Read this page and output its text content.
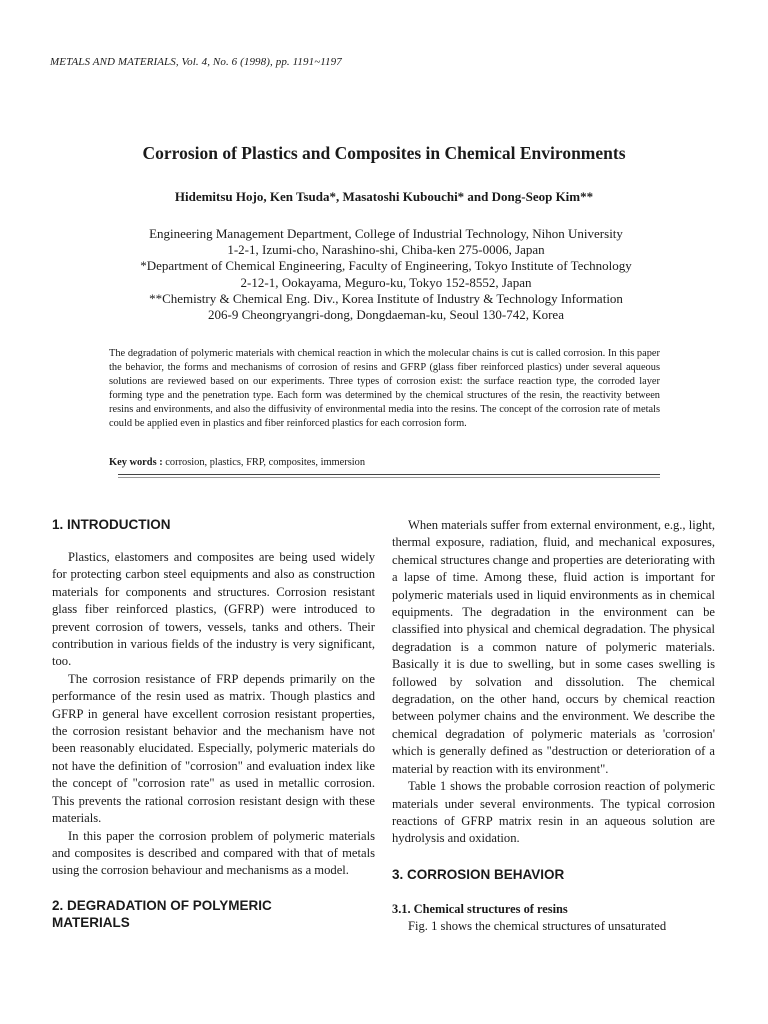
METALS AND MATERIALS, Vol. 4, No. 6 (1998), pp. 1191~1197
Corrosion of Plastics and Composites in Chemical Environments
Hidemitsu Hojo, Ken Tsuda*, Masatoshi Kubouchi* and Dong-Seop Kim**
Engineering Management Department, College of Industrial Technology, Nihon University
1-2-1, Izumi-cho, Narashino-shi, Chiba-ken 275-0006, Japan
*Department of Chemical Engineering, Faculty of Engineering, Tokyo Institute of Technology
2-12-1, Ookayama, Meguro-ku, Tokyo 152-8552, Japan
**Chemistry & Chemical Eng. Div., Korea Institute of Industry & Technology Information
206-9 Cheongryangri-dong, Dongdaeman-ku, Seoul 130-742, Korea
The degradation of polymeric materials with chemical reaction in which the molecular chains is cut is called corrosion. In this paper the behavior, the forms and mechanisms of corrosion of resins and GFRP (glass fiber reinforced plastics) under several aqueous solutions are reviewed based on our experiments. Three types of corrosion exist: the surface reaction type, the corroded layer forming type and the penetration type. Each form was determined by the chemical structures of the resin, the reactivity between resins and environments, and also the diffusivity of environmental media into the resins. The concept of the corrosion rate of metals could be applied even in plastics and fiber reinforced plastics for each corrosion form.
Key words : corrosion, plastics, FRP, composites, immersion
1. INTRODUCTION

Plastics, elastomers and composites are being used widely for protecting carbon steel equipments and also as construction materials for components and structures. Corrosion resistant glass fiber reinforced plastics, (GFRP) were introduced to prevent corrosion of towers, vessels, tanks and others. Their contribution in various fields of the industry is very significant, too.

The corrosion resistance of FRP depends primarily on the performance of the resin used as matrix. Though plastics and GFRP in general have excellent corrosion resistant properties, the corrosion resistant behavior and the mechanism have not been reasonably elucidated. Especially, polymeric materials do not have the definition of "corrosion" and evaluation index like the concept of "corrosion rate" as used in metallic corrosion. This prevents the rational corrosion resistant design with these materials.

In this paper the corrosion problem of polymeric materials and composites is described and compared with that of metals using the corrosion behaviour and mechanisms as a model.

2. DEGRADATION OF POLYMERIC
MATERIALS

When materials suffer from external environment, e.g., light, thermal exposure, radiation, fluid, and mechanical exposures, chemical structures change and properties are deteriorating with a lapse of time. Among these, fluid action is important for polymeric materials used in liquid environments as in chemical equipments. The degradation in the environment can be classified into physical and chemical degradation. The physical degradation is a common nature of polymeric materials. Basically it is due to swelling, but in some cases swelling is followed by solvation and dissolution. The chemical degradation, on the other hand, occurs by chemical reaction between polymer chains and the environment. We describe the chemical degradation of polymeric materials as 'corrosion' which is generally defined as "destruction or deterioration of a material by reaction with its environment".

Table 1 shows the probable corrosion reaction of polymeric materials under several environments. The typical corrosion reactions of GFRP matrix resin in an aqueous solution are hydrolysis and oxidation.

3. CORROSION BEHAVIOR
3.1. Chemical structures of resins

Fig. 1 shows the chemical structures of unsaturated
